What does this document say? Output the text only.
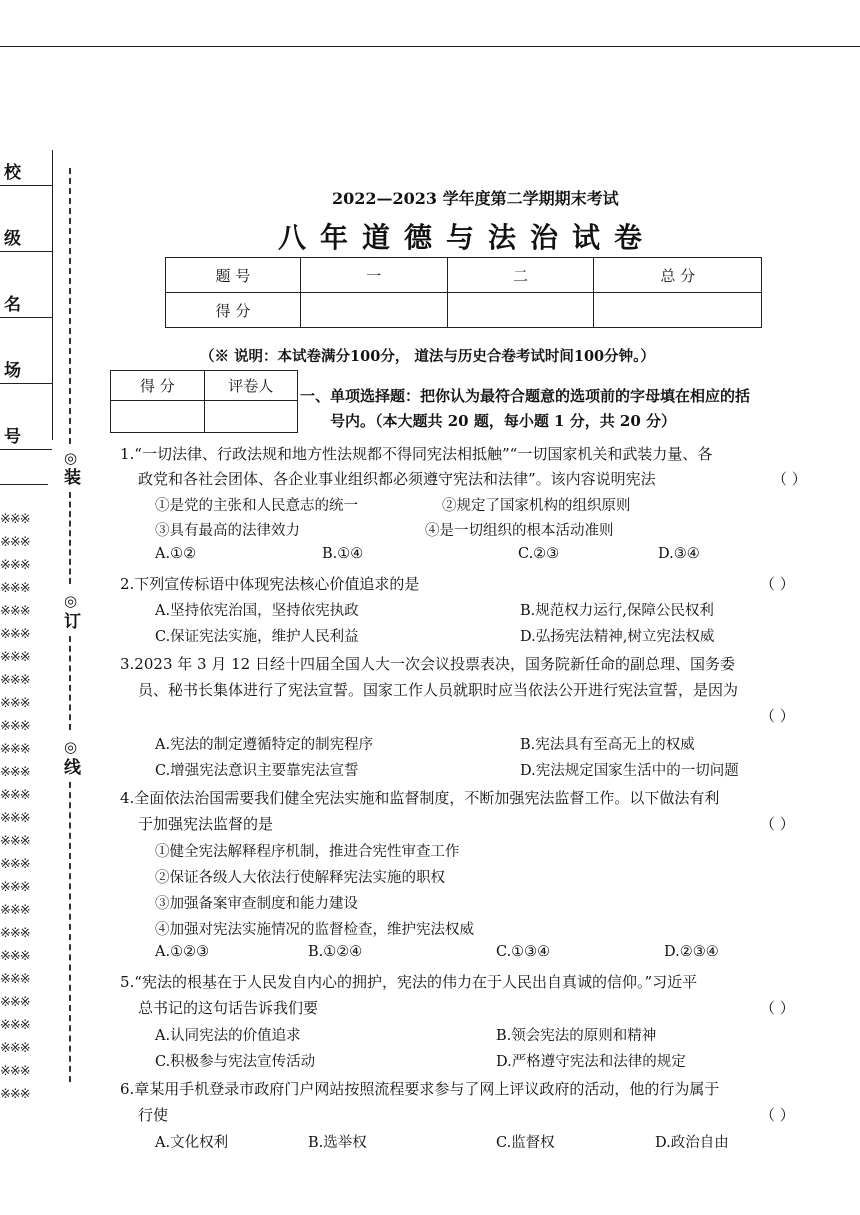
校
级
名
场
号
◎
装
◎
订
◎
线
※※※
※※※
※※※
※※※
※※※
※※※
※※※
※※※
※※※
※※※
※※※
※※※
※※※
※※※
※※※
※※※
※※※
※※※
※※※
※※※
※※※
※※※
※※※
※※※
※※※
※※※
2022—2023 学年度第二学期期末考试
八年道德与法治试卷
题 号	一	二	总 分
得 分			
（※ 说明：本试卷满分100分， 道法与历史合卷考试时间100分钟。）
得 分	评卷人

一、单项选择题：把你认为最符合题意的选项前的字母填在相应的括
号内。（本大题共 20 题，每小题 1 分，共 20 分）
1.“一切法律、行政法规和地方性法规都不得同宪法相抵触”“一切国家机关和武装力量、各
政党和各社会团体、各企业事业组织都必须遵守宪法和法律”。该内容说明宪法	（ ）
①是党的主张和人民意志的统一	②规定了国家机构的组织原则
③具有最高的法律效力	④是一切组织的根本活动准则
A.①②	B.①④	C.②③	D.③④
2.下列宣传标语中体现宪法核心价值追求的是	（ ）
A.坚持依宪治国，坚持依宪执政	B.规范权力运行,保障公民权利
C.保证宪法实施，维护人民利益	D.弘扬宪法精神,树立宪法权威
3.2023 年 3 月 12 日经十四届全国人大一次会议投票表决，国务院新任命的副总理、国务委
员、秘书长集体进行了宪法宣誓。国家工作人员就职时应当依法公开进行宪法宣誓，是因为
（ ）
A.宪法的制定遵循特定的制宪程序	B.宪法具有至高无上的权威
C.增强宪法意识主要靠宪法宣誓	D.宪法规定国家生活中的一切问题
4.全面依法治国需要我们健全宪法实施和监督制度，不断加强宪法监督工作。以下做法有利
于加强宪法监督的是	（ ）
①健全宪法解释程序机制，推进合宪性审查工作
②保证各级人大依法行使解释宪法实施的职权
③加强备案审查制度和能力建设
④加强对宪法实施情况的监督检查，维护宪法权威
A.①②③	B.①②④	C.①③④	D.②③④
5.“宪法的根基在于人民发自内心的拥护，宪法的伟力在于人民出自真诚的信仰。”习近平
总书记的这句话告诉我们要	（ ）
A.认同宪法的价值追求	B.领会宪法的原则和精神
C.积极参与宪法宣传活动	D.严格遵守宪法和法律的规定
6.章某用手机登录市政府门户网站按照流程要求参与了网上评议政府的活动，他的行为属于
行使	（ ）
A.文化权利	B.选举权	C.监督权	D.政治自由
